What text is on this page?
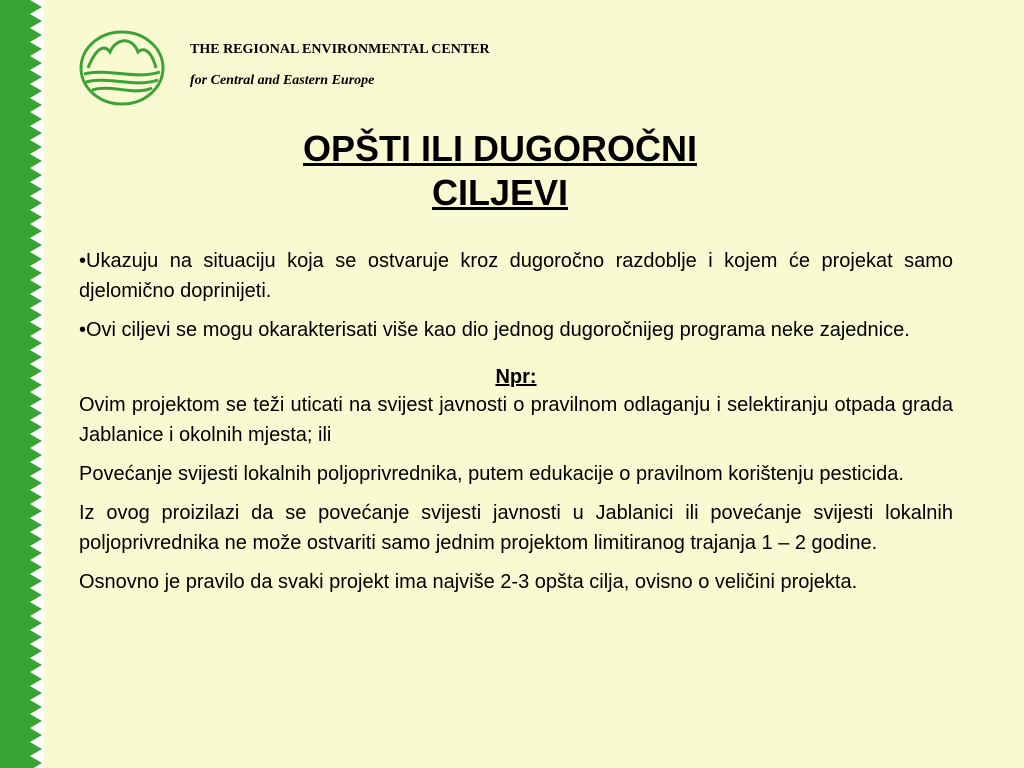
THE REGIONAL ENVIRONMENTAL CENTER
for Central and Eastern Europe
OPŠTI ILI DUGOROČNI
CILJEVI

•Ukazuju na situaciju koja se ostvaruje kroz dugoročno razdoblje i kojem će projekat samo djelomično doprinijeti.

•Ovi ciljevi se mogu okarakterisati više kao dio jednog dugoročnijeg programa neke zajednice.

Npr:

Ovim projektom se teži uticati na svijest javnosti o pravilnom odlaganju i selektiranju otpada grada Jablanice i okolnih mjesta; ili

Povećanje svijesti lokalnih poljoprivrednika, putem edukacije o pravilnom korištenju pesticida.

Iz ovog proizilazi da se povećanje svijesti javnosti u Jablanici ili povećanje svijesti lokalnih poljoprivrednika ne može ostvariti samo jednim projektom limitiranog trajanja 1 – 2 godine.

Osnovno je pravilo da svaki projekt ima najviše 2-3 opšta cilja, ovisno o veličini projekta.
